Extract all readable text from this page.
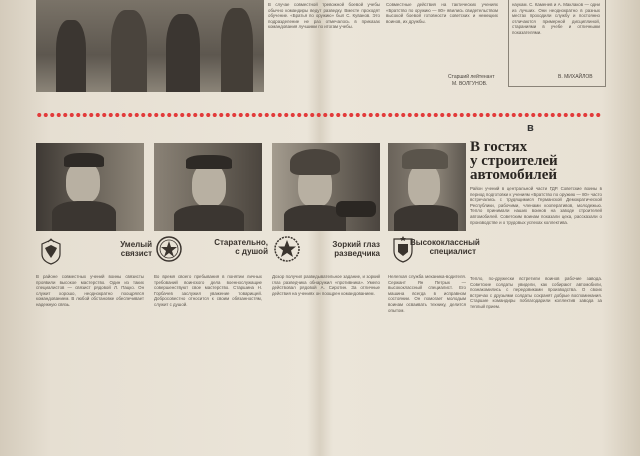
В случае совместной тревожной боевой учебы обычно командиры ведут разведку. Вместе проходят обучение. «Братья по оружию» был С. Куванов. Это подразделение не раз отмечалось в приказах командования лучшими по итогам учебы.
Совместные действия на тактических учениях «Братство по оружию — 80» явились свидетельством высокой боевой готовности советских и немецких воинов, их дружбы.
Старший лейтенант
М. ВОЛГУНОВ.
наукам. С. Каменев и А. Маклаков — одни из лучших. Они неоднократно в разных местах проходили службу и постоянно отличаются примерной дисциплиной, стараниями в учебе и отличными показателями.
В. МИХАЙЛОВ
в
В гостях
у строителей
автомобилей
Район учений в центральной части ГДР. Советские воины в период подготовки к учениям «Братство по оружию — 80» часто встречались с трудящимися Германской Демократической Республики, рабочими, членами кооперативов, молодежью. Тепло принимали наших воинов на заводе строителей автомобилей. Советским воинам показали цеха, рассказали о производстве и о трудовых успехах коллектива.
Тепло, по-дружески встретили воинов рабочие завода. Советские солдаты увидели, как собирают автомобили, познакомились с передовиками производства. О своих встречах с друзьями солдаты сохранят добрые воспоминания. Старшие командиры поблагодарили коллектив завода за теплый прием.
Умелый
связист
Старательно,
с душой
Зоркий глаз
разведчика
Высококлассный
специалист
В районе совместных учений воины связисты проявили высокое мастерство. Один из таких специалистов — связист рядовой Л. Пацко. Он служит хорошо, неоднократно поощрялся командованием. В любой обстановке обеспечивает надежную связь.
Во время своего пребывания в понятии личных требований воинского дела военнослужащие совершенствуют свое мастерство. Старшина Н. Горбачев заслужил уважение товарищей. Добросовестно относится к своим обязанностям, служит с душой.
Дозор получил разведывательное задание, и зоркий глаз разведчика обнаружил «противника». Умело действовал рядовой А. Сиротин. За отличные действия на учениях он поощрен командованием.
Нелегкая служба механика-водителя. Сержант Ян Петрык — высококлассный специалист. Его машина всегда в исправном состоянии. Он помогает молодым воинам осваивать технику, делится опытом.
